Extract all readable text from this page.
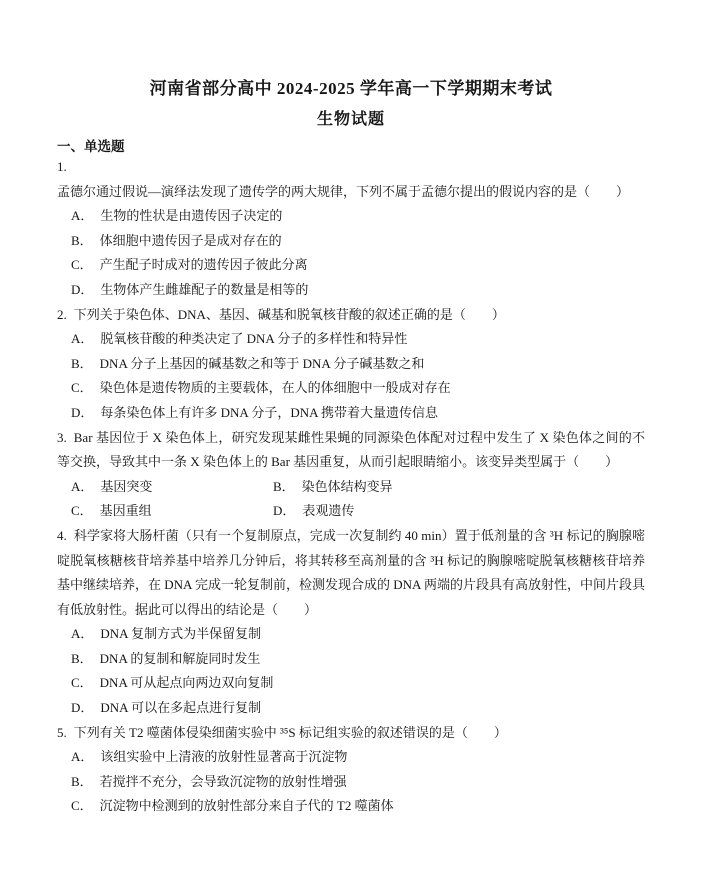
河南省部分高中 2024-2025 学年高一下学期期末考试
生物试题
一、单选题

1.孟德尔通过假说—演绎法发现了遗传学的两大规律，下列不属于孟德尔提出的假说内容的是（　　）

A． 生物的性状是由遗传因子决定的
B． 体细胞中遗传因子是成对存在的
C． 产生配子时成对的遗传因子彼此分离
D． 生物体产生雌雄配子的数量是相等的

2. 下列关于染色体、DNA、基因、碱基和脱氧核苷酸的叙述正确的是（　　）

A． 脱氧核苷酸的种类决定了 DNA 分子的多样性和特异性
B． DNA 分子上基因的碱基数之和等于 DNA 分子碱基数之和
C． 染色体是遗传物质的主要载体，在人的体细胞中一般成对存在
D． 每条染色体上有许多 DNA 分子，DNA 携带着大量遗传信息

3. Bar 基因位于 X 染色体上，研究发现某雌性果蝇的同源染色体配对过程中发生了 X 染色体之间的不等交换，导致其中一条 X 染色体上的 Bar 基因重复，从而引起眼睛缩小。该变异类型属于（　　）

A． 基因突变	B． 染色体结构变异
C． 基因重组	D． 表观遗传

4. 科学家将大肠杆菌（只有一个复制原点，完成一次复制约 40 min）置于低剂量的含 ³H 标记的胸腺嘧啶脱氧核糖核苷培养基中培养几分钟后，将其转移至高剂量的含 ³H 标记的胸腺嘧啶脱氧核糖核苷培养基中继续培养，在 DNA 完成一轮复制前，检测发现合成的 DNA 两端的片段具有高放射性，中间片段具有低放射性。据此可以得出的结论是（　　）

A． DNA 复制方式为半保留复制
B． DNA 的复制和解旋同时发生
C． DNA 可从起点向两边双向复制
D． DNA 可以在多起点进行复制

5. 下列有关 T2 噬菌体侵染细菌实验中 ³⁵S 标记组实验的叙述错误的是（　　）

A． 该组实验中上清液的放射性显著高于沉淀物
B． 若搅拌不充分，会导致沉淀物的放射性增强
C． 沉淀物中检测到的放射性部分来自子代的 T2 噬菌体
